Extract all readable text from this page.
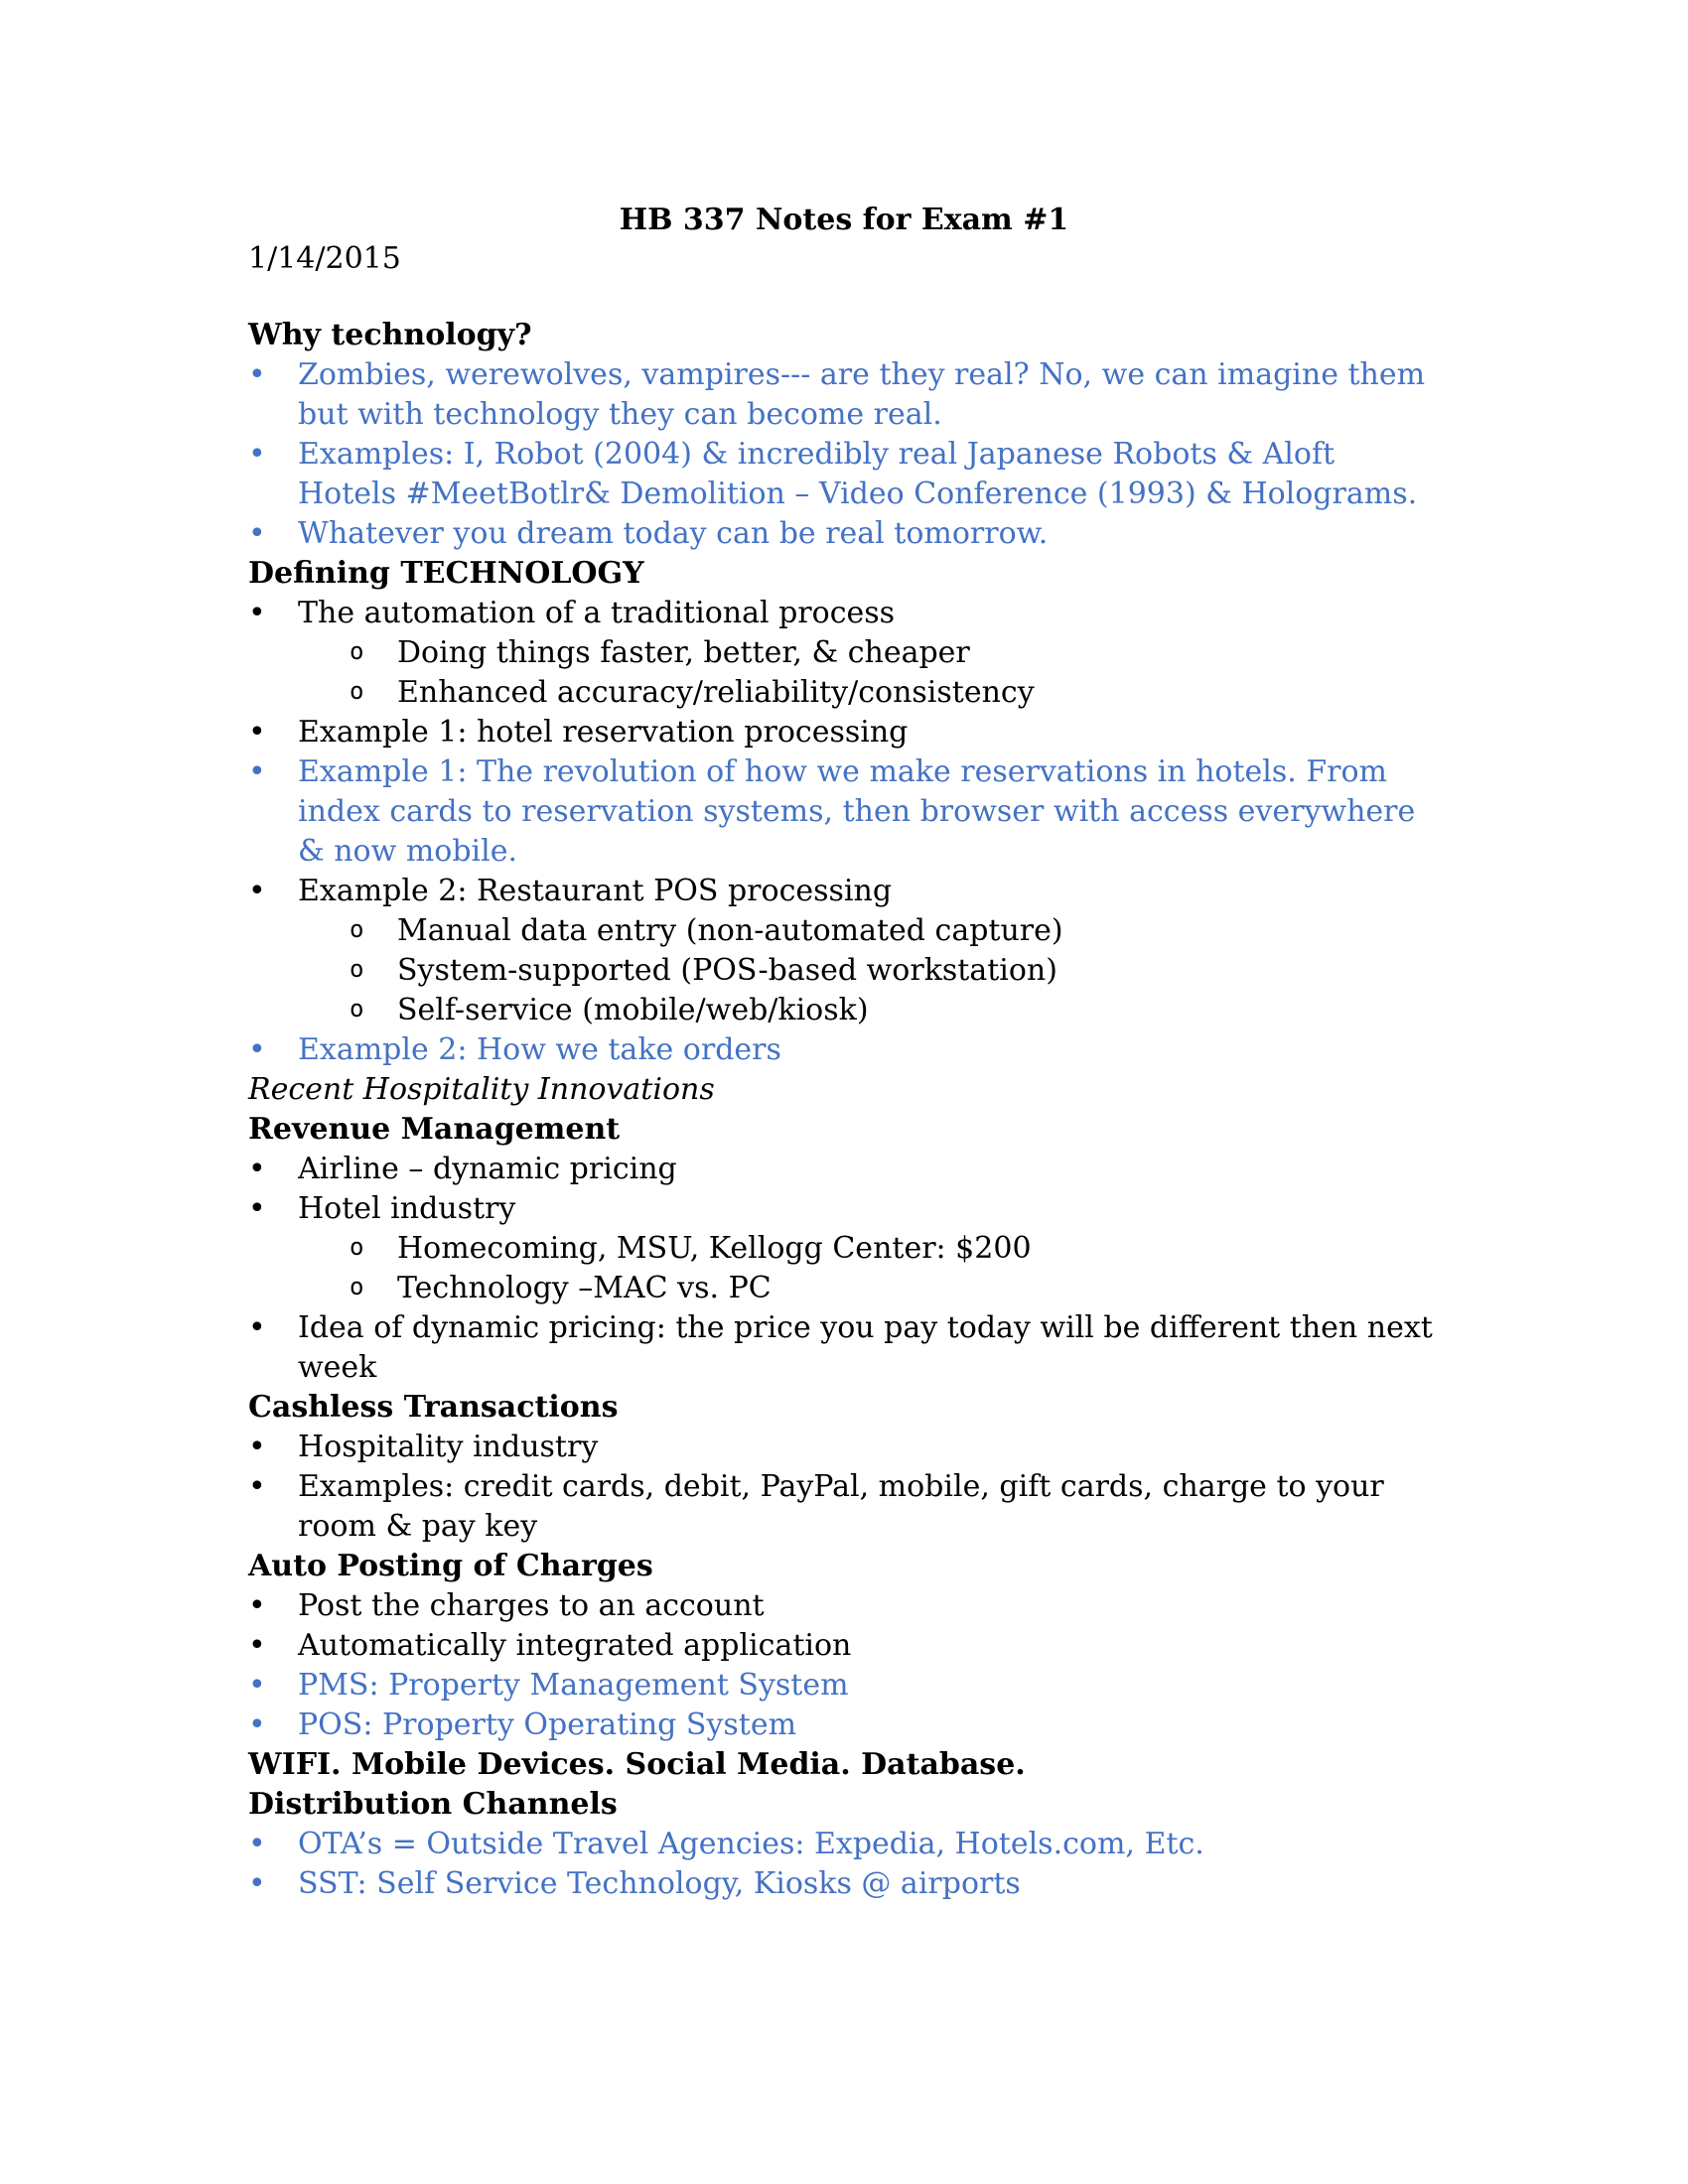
HB 337 Notes for Exam #1
1/14/2015
Why technology?
• Zombies, werewolves, vampires--- are they real? No, we can imagine them but with technology they can become real.
• Examples: I, Robot (2004) & incredibly real Japanese Robots & Aloft Hotels #MeetBotlr& Demolition – Video Conference (1993) & Holograms.
• Whatever you dream today can be real tomorrow.
Defining TECHNOLOGY
• The automation of a traditional process
o Doing things faster, better, & cheaper
o Enhanced accuracy/reliability/consistency
• Example 1: hotel reservation processing
• Example 1: The revolution of how we make reservations in hotels. From index cards to reservation systems, then browser with access everywhere & now mobile.
• Example 2: Restaurant POS processing
o Manual data entry (non-automated capture)
o System-supported (POS-based workstation)
o Self-service (mobile/web/kiosk)
• Example 2: How we take orders
Recent Hospitality Innovations
Revenue Management
• Airline – dynamic pricing
• Hotel industry
o Homecoming, MSU, Kellogg Center: $200
o Technology –MAC vs. PC
• Idea of dynamic pricing: the price you pay today will be different then next week
Cashless Transactions
• Hospitality industry
• Examples: credit cards, debit, PayPal, mobile, gift cards, charge to your room & pay key
Auto Posting of Charges
• Post the charges to an account
• Automatically integrated application
• PMS: Property Management System
• POS: Property Operating System
WIFI. Mobile Devices. Social Media. Database.
Distribution Channels
• OTA’s = Outside Travel Agencies: Expedia, Hotels.com, Etc.
• SST: Self Service Technology, Kiosks @ airports
